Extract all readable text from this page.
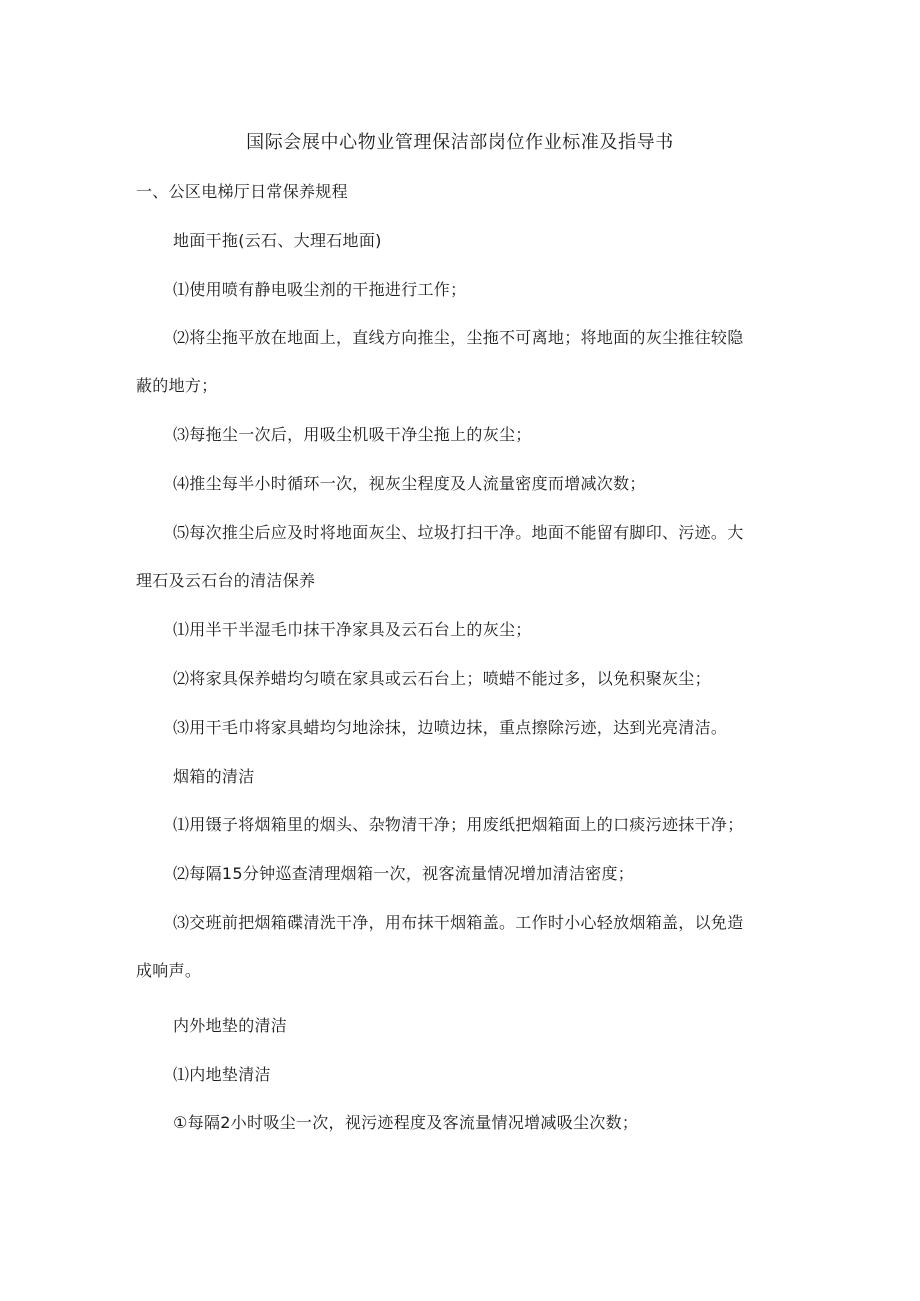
国际会展中心物业管理保洁部岗位作业标准及指导书
一、公区电梯厅日常保养规程
地面干拖(云石、大理石地面)
⑴使用喷有静电吸尘剂的干拖进行工作；
⑵将尘拖平放在地面上，直线方向推尘，尘拖不可离地；将地面的灰尘推往较隐
蔽的地方；
⑶每拖尘一次后，用吸尘机吸干净尘拖上的灰尘；
⑷推尘每半小时循环一次，视灰尘程度及人流量密度而增减次数；
⑸每次推尘后应及时将地面灰尘、垃圾打扫干净。地面不能留有脚印、污迹。大
理石及云石台的清洁保养
⑴用半干半湿毛巾抹干净家具及云石台上的灰尘；
⑵将家具保养蜡均匀喷在家具或云石台上；喷蜡不能过多，以免积聚灰尘；
⑶用干毛巾将家具蜡均匀地涂抹，边喷边抹，重点擦除污迹，达到光亮清洁。
烟箱的清洁
⑴用镊子将烟箱里的烟头、杂物清干净；用废纸把烟箱面上的口痰污迹抹干净；
⑵每隔15分钟巡查清理烟箱一次，视客流量情况增加清洁密度；
⑶交班前把烟箱碟清洗干净，用布抹干烟箱盖。工作时小心轻放烟箱盖，以免造
成响声。
内外地垫的清洁
⑴内地垫清洁
①每隔2小时吸尘一次，视污迹程度及客流量情况增减吸尘次数；
